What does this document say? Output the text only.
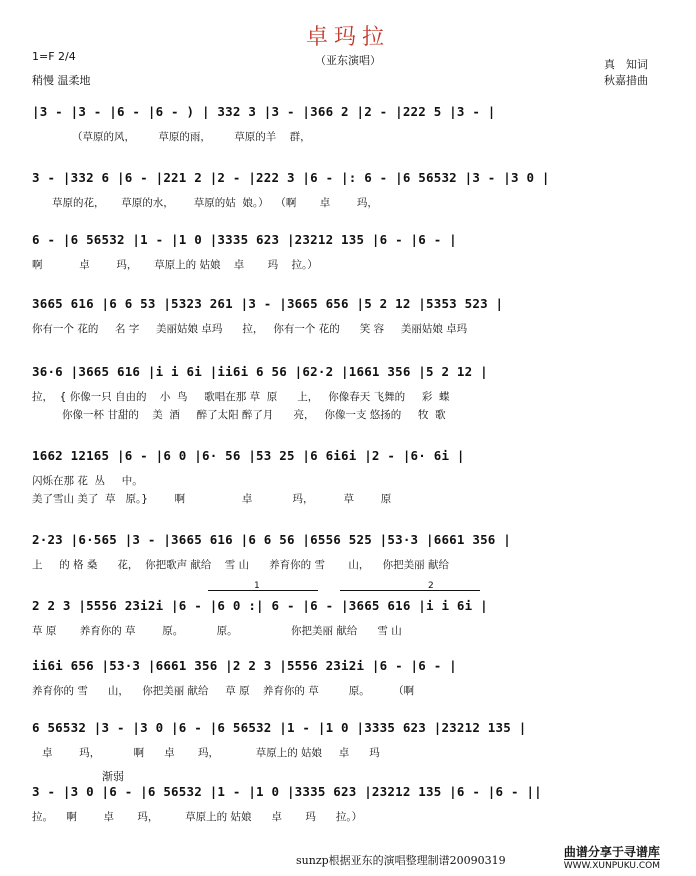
卓玛拉
（亚东演唱）
1=F 2/4
稍慢 温柔地
真　知词
秋嘉措曲
|3 - |3 - |6 - |6 - ) | 332 3 |3 - |366 2 |2 - |222 5 |3 - |
（草原的风，       草原的雨，       草原的羊    群，
3 - |332 6 |6 - |221 2 |2 - |222 3 |6 - |: 6 - |6 56532 |3 - |3 0 |
草原的花，     草原的水，      草原的姑  娘。）  （啊       卓        玛，
6 - |6 56532 |1 - |1 0 |3335 623 |23212 135 |6 - |6 - |
啊           卓        玛，     草原上的 姑娘    卓       玛    拉。）
3665 616 |6 6 53 |5323 261 |3 - |3665 656 |5 2 12 |5353 523 |
你有一个 花的     名 字     美丽姑娘 卓玛      拉，   你有一个 花的      笑 容     美丽姑娘 卓玛
36·6 |3665 616 |i i 6i |ii6i 6 56 |62·2 |1661 356 |5 2 12 |
拉，  { 你像一只 自由的    小  鸟     歌唱在那 草  原      上，   你像春天 飞舞的     彩  蝶
你像一杯 甘甜的    美  酒     醉了太阳 醉了月      亮，   你像一支 悠扬的     牧  歌
1662 12165 |6 - |6 0 |6· 56 |53 25 |6 6i6i |2 - |6· 6i |
闪烁在那 花  丛     中。
美了雪山 美了  草   原。}        啊                 卓            玛，         草        原
2·23 |6·565 |3 - |3665 616 |6 6 56 |6556 525 |53·3 |6661 356 |
上     的 格 桑      花，  你把歌声 献给    雪 山      养育你的 雪       山，    你把美丽 献给
1	2
2 2 3 |5556 23i2i |6 - |6 0 :| 6 - |6 - |3665 616 |i i 6i |
草 原       养育你的 草        原。          原。                你把美丽 献给      雪 山
ii6i 656 |53·3 |6661 356 |2 2 3 |5556 23i2i |6 - |6 - |
养育你的 雪      山，    你把美丽 献给     草 原    养育你的 草         原。       （啊
6 56532 |3 - |3 0 |6 - |6 56532 |1 - |1 0 |3335 623 |23212 135 |
卓        玛，          啊      卓       玛，           草原上的 姑娘     卓      玛
渐弱
3 - |3 0 |6 - |6 56532 |1 - |1 0 |3335 623 |23212 135 |6 - |6 - ||
拉。    啊        卓       玛，        草原上的 姑娘      卓       玛      拉。）
sunzp根据亚东的演唱整理制谱20090319
曲谱分享于寻谱库
WWW.XUNPUKU.COM
